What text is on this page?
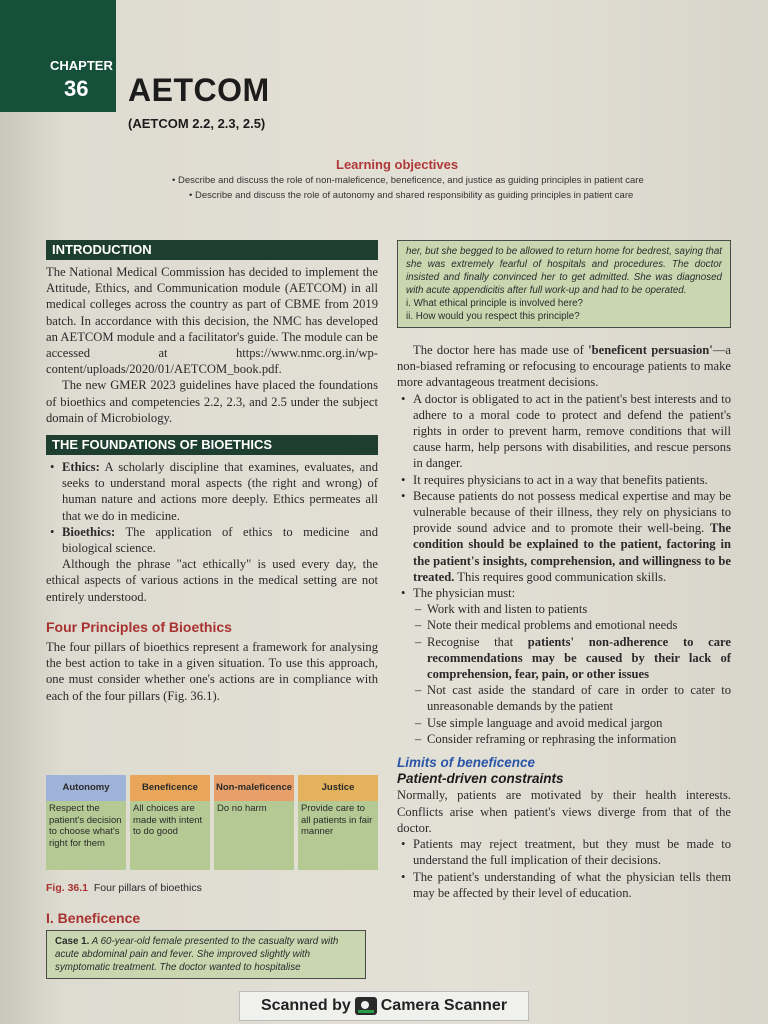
CHAPTER
36 AETCOM
(AETCOM 2.2, 2.3, 2.5)
Learning objectives
• Describe and discuss the role of non-maleficence, beneficence, and justice as guiding principles in patient care
• Describe and discuss the role of autonomy and shared responsibility as guiding principles in patient care
INTRODUCTION

The National Medical Commission has decided to implement the Attitude, Ethics, and Communication module (AETCOM) in all medical colleges across the country as part of CBME from 2019 batch. In accordance with this decision, the NMC has developed an AETCOM module and a facilitator's guide. The module can be accessed at https://www.nmc.org.in/wp-content/uploads/2020/01/AETCOM_book.pdf.

The new GMER 2023 guidelines have placed the foundations of bioethics and competencies 2.2, 2.3, and 2.5 under the subject domain of Microbiology.

THE FOUNDATIONS OF BIOETHICS
• Ethics: A scholarly discipline that examines, evaluates, and seeks to understand moral aspects (the right and wrong) of human nature and actions more deeply. Ethics permeates all that we do in medicine.
• Bioethics: The application of ethics to medicine and biological science.

Although the phrase "act ethically" is used every day, the ethical aspects of various actions in the medical setting are not entirely understood.

Four Principles of Bioethics

The four pillars of bioethics represent a framework for analysing the best action to take in a given situation. To use this approach, one must consider whether one's actions are in compliance with each of the four pillars (Fig. 36.1).

Autonomy
Respect the patient's decision to choose what's right for them
Beneficence
All choices are made with intent to do good
Non-maleficence
Do no harm
Justice
Provide care to all patients in fair manner
Fig. 36.1 Four pillars of bioethics
I. Beneficence
Case 1. A 60-year-old female presented to the casualty ward with acute abdominal pain and fever. She improved slightly with symptomatic treatment. The doctor wanted to hospitalise
her, but she begged to be allowed to return home for bedrest, saying that she was extremely fearful of hospitals and procedures. The doctor insisted and finally convinced her to get admitted. She was diagnosed with acute appendicitis after full work-up and had to be operated.
i. What ethical principle is involved here?
ii. How would you respect this principle?

The doctor here has made use of 'beneficent persuasion'—a non-biased reframing or refocusing to encourage patients to make more advantageous treatment decisions.

• A doctor is obligated to act in the patient's best interests and to adhere to a moral code to protect and defend the patient's rights in order to prevent harm, remove conditions that will cause harm, help persons with disabilities, and rescue persons in danger.
• It requires physicians to act in a way that benefits patients.
• Because patients do not possess medical expertise and may be vulnerable because of their illness, they rely on physicians to provide sound advice and to promote their well-being. The condition should be explained to the patient, factoring in the patient's insights, comprehension, and willingness to be treated. This requires good communication skills.
• The physician must:
– Work with and listen to patients
– Note their medical problems and emotional needs
– Recognise that patients' non-adherence to care recommendations may be caused by their lack of comprehension, fear, pain, or other issues
– Not cast aside the standard of care in order to cater to unreasonable demands by the patient
– Use simple language and avoid medical jargon
– Consider reframing or rephrasing the information
Limits of beneficence
Patient-driven constraints

Normally, patients are motivated by their health interests. Conflicts arise when patient's views diverge from that of the doctor.

• Patients may reject treatment, but they must be made to understand the full implication of their decisions.
• The patient's understanding of what the physician tells them may be affected by their level of education.
Scanned by Camera Scanner
